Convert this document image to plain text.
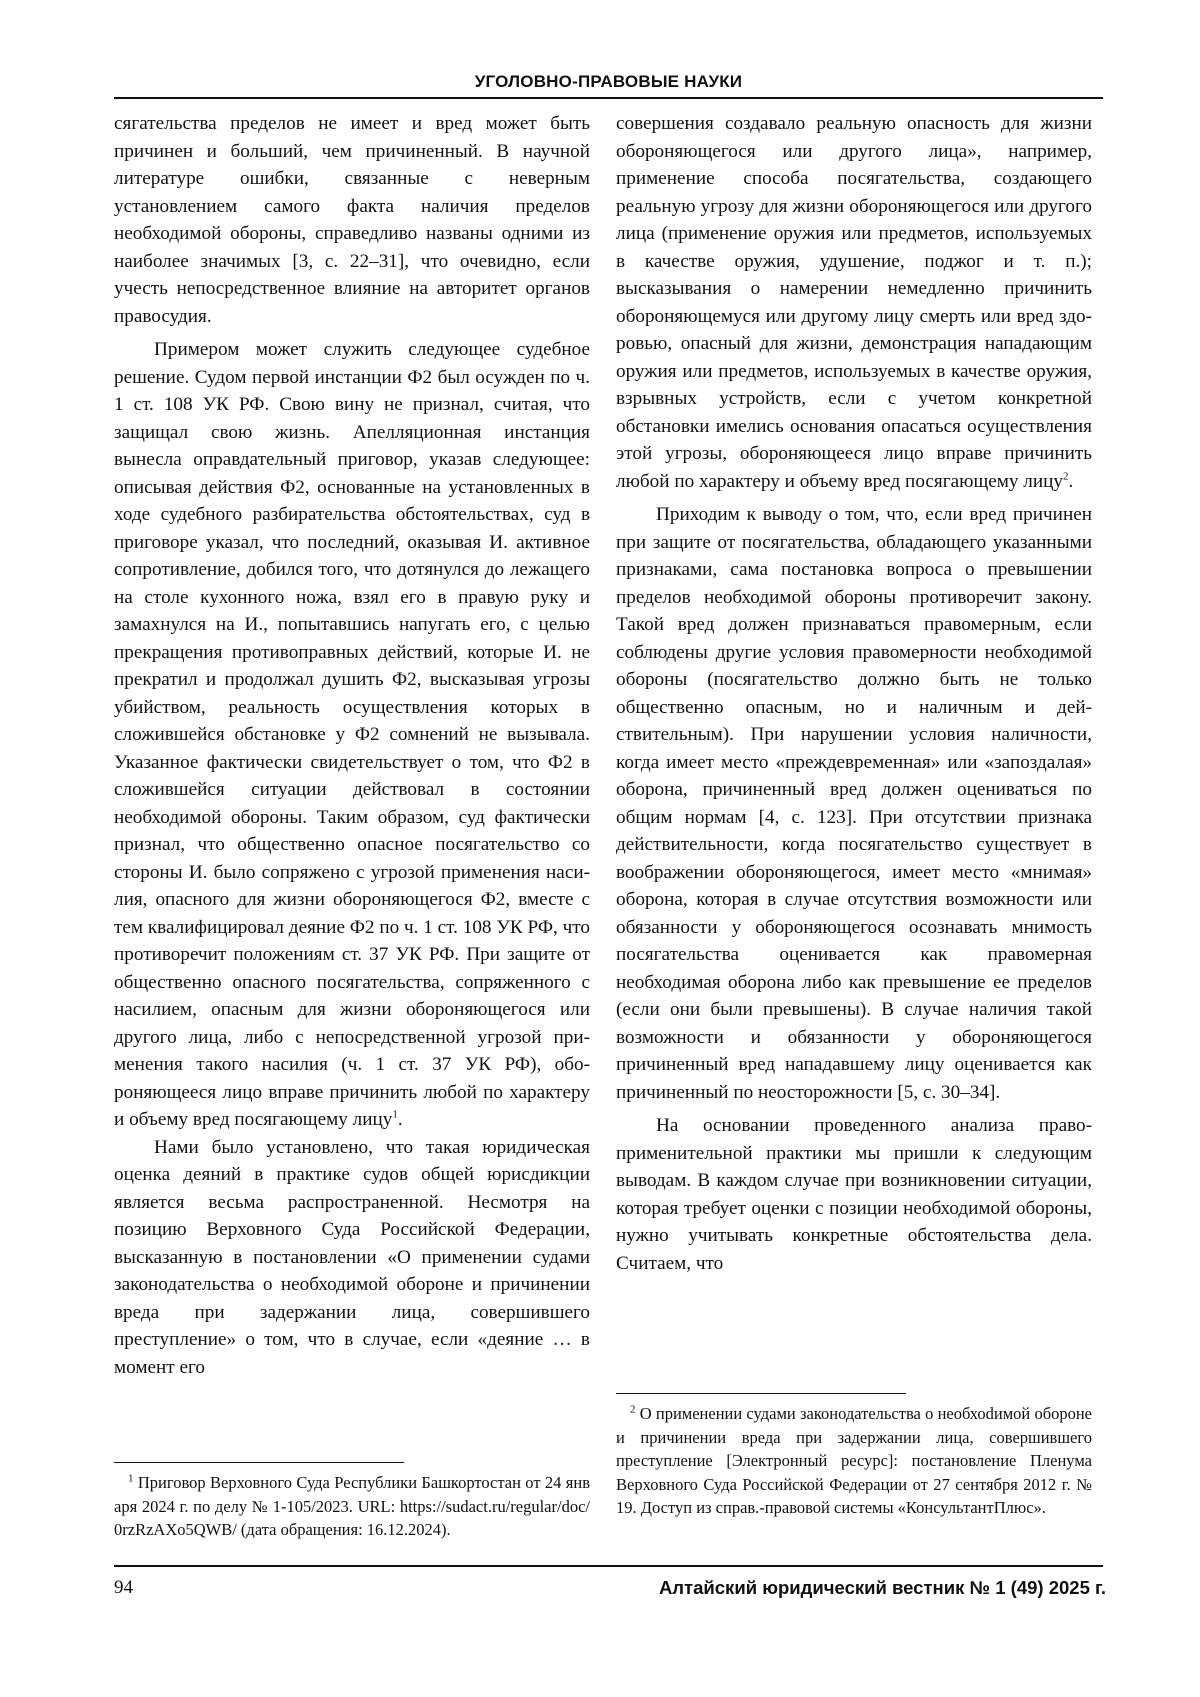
УГОЛОВНО-ПРАВОВЫЕ НАУКИ

сягательства пределов не имеет и вред может быть причинен и больший, чем причиненный. В научной литературе ошибки, связанные с неверным установлением самого факта наличия пределов необходимой обороны, справедливо названы одними из наиболее значимых [3, с. 22–31], что очевидно, если учесть непосредственное влияние на авторитет органов правосудия.

Примером может служить следующее судебное решение. Судом первой инстанции Ф2 был осужден по ч. 1 ст. 108 УК РФ. Свою вину не признал, считая, что защищал свою жизнь. Апелляционная инстанция вынесла оправдательный приговор, указав следующее: описывая действия Ф2, основанные на установленных в ходе судебного разбирательства обстоятельствах, суд в приговоре указал, что последний, оказывая И. активное сопротивление, добился того, что дотянулся до лежащего на столе кухонного ножа, взял его в правую руку и замахнулся на И., попытавшись напугать его, с целью прекращения противоправных действий, которые И. не прекратил и продолжал душить Ф2, высказывая угрозы убийством, реальность осуществления которых в сложившейся обстановке у Ф2 сомнений не вызывала. Указанное фактически свидетельствует о том, что Ф2 в сложившейся ситуации действовал в состоянии необходимой обороны. Таким образом, суд фактически признал, что общественно опасное посягательство со стороны И. было сопряжено с угрозой применения насилия, опасного для жизни обороняющегося Ф2, вместе с тем квалифицировал деяние Ф2 по ч. 1 ст. 108 УК РФ, что противоречит положениям ст. 37 УК РФ. При защите от общественно опасного посягательства, сопряженного с насилием, опасным для жизни обороняющегося или другого лица, либо с непосредственной угрозой применения такого насилия (ч. 1 ст. 37 УК РФ), обороняющееся лицо вправе причинить любой по характеру и объему вред посягающему лицу$^1$.

Нами было установлено, что такая юридическая оценка деяний в практике судов общей юрисдикции является весьма распространенной. Несмотря на позицию Верховного Суда Российской Федерации, высказанную в постановлении «О применении судами законодательства о необходимой обороне и причинении вреда при задержании лица, совершившего преступление» о том, что в случае, если «деяние … в момент его

совершения создавало реальную опасность для жизни обороняющегося или другого лица», например, применение способа посягательства, создающего реальную угрозу для жизни обороняющегося или другого лица (применение оружия или предметов, используемых в качестве оружия, удушение, поджог и т. п.); высказывания о намерении немедленно причинить обороняющемуся или другому лицу смерть или вред здоровью, опасный для жизни, демонстрация нападающим оружия или предметов, используемых в качестве оружия, взрывных устройств, если с учетом конкретной обстановки имелись основания опасаться осуществления этой угрозы, обороняющееся лицо вправе причинить любой по характеру и объему вред посягающему лицу$^2$.

Приходим к выводу о том, что, если вред причинен при защите от посягательства, обладающего указанными признаками, сама постановка вопроса о превышении пределов необходимой обороны противоречит закону. Такой вред должен признаваться правомерным, если соблюдены другие условия правомерности необходимой обороны (посягательство должно быть не только общественно опасным, но и наличным и действительным). При нарушении условия наличности, когда имеет место «преждевременная» или «запоздалая» оборона, причиненный вред должен оцениваться по общим нормам [4, с. 123]. При отсутствии признака действительности, когда посягательство существует в воображении обороняющегося, имеет место «мнимая» оборона, которая в случае отсутствия возможности или обязанности у обороняющегося осознавать мнимость посягательства оценивается как правомерная необходимая оборона либо как превышение ее пределов (если они были превышены). В случае наличия такой возможности и обязанности у обороняющегося причиненный вред нападавшему лицу оценивается как причиненный по неосторожности [5, с. 30–34].

На основании проведенного анализа правоприменительной практики мы пришли к следующим выводам. В каждом случае при возникновении ситуации, которая требует оценки с позиции необходимой обороны, нужно учитывать конкретные обстоятельства дела. Считаем, что

$^1$ Приговор Верховного Суда Республики Башкортостан от 24 января 2024 г. по делу № 1-105/2023. URL: https://sudact.ru/regular/doc/0rzRzAXo5QWB/ (дата обращения: 16.12.2024).

$^2$ О применении судами законодательства о необхоdимой обороне и причинении вреда при задержании лица, совершившего преступление [Электронный ресурс]: постановление Пленума Верховного Суда Российской Федерации от 27 сентября 2012 г. № 19. Доступ из справ.-правовой системы «КонсультантПлюс».

94	Алтайский юридический вестник № 1 (49) 2025 г.
